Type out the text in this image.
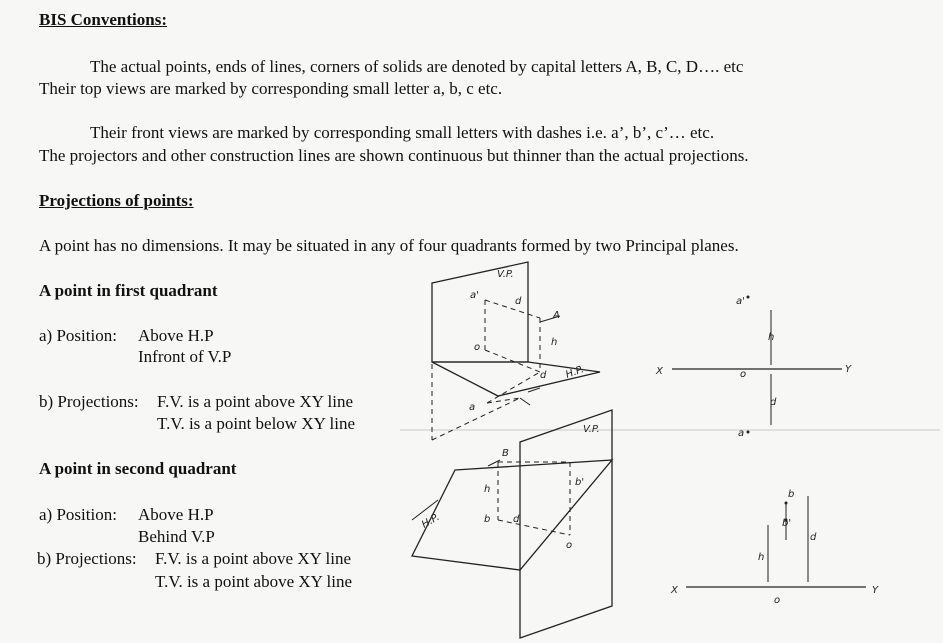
BIS Conventions:
The actual points, ends of lines, corners of solids are denoted by capital letters A, B, C, D…. etc
Their top views are marked by corresponding small letter a, b, c etc.
Their front views are marked by corresponding small letters with dashes i.e. a’, b’, c’… etc.
The projectors and other construction lines are shown continuous but thinner than the actual projections.
Projections of points:
A point has no dimensions. It may be situated in any of four quadrants formed by two Principal planes.
A point in first quadrant
a) Position: Above H.P
Infront of V.P
b) Projections: F.V. is a point above XY line
T.V. is a point below XY line
A point in second quadrant
a) Position: Above H.P
Behind V.P
b) Projections: F.V. is a point above XY line
T.V. is a point above XY line
V.P.
a'
d
A
h
o
d
a
H.P.	X	Y
a'
o
a
h
d
V.P.
B
h
b'
b d
o
H.P.
X	Y
b
b'
d
h
o
